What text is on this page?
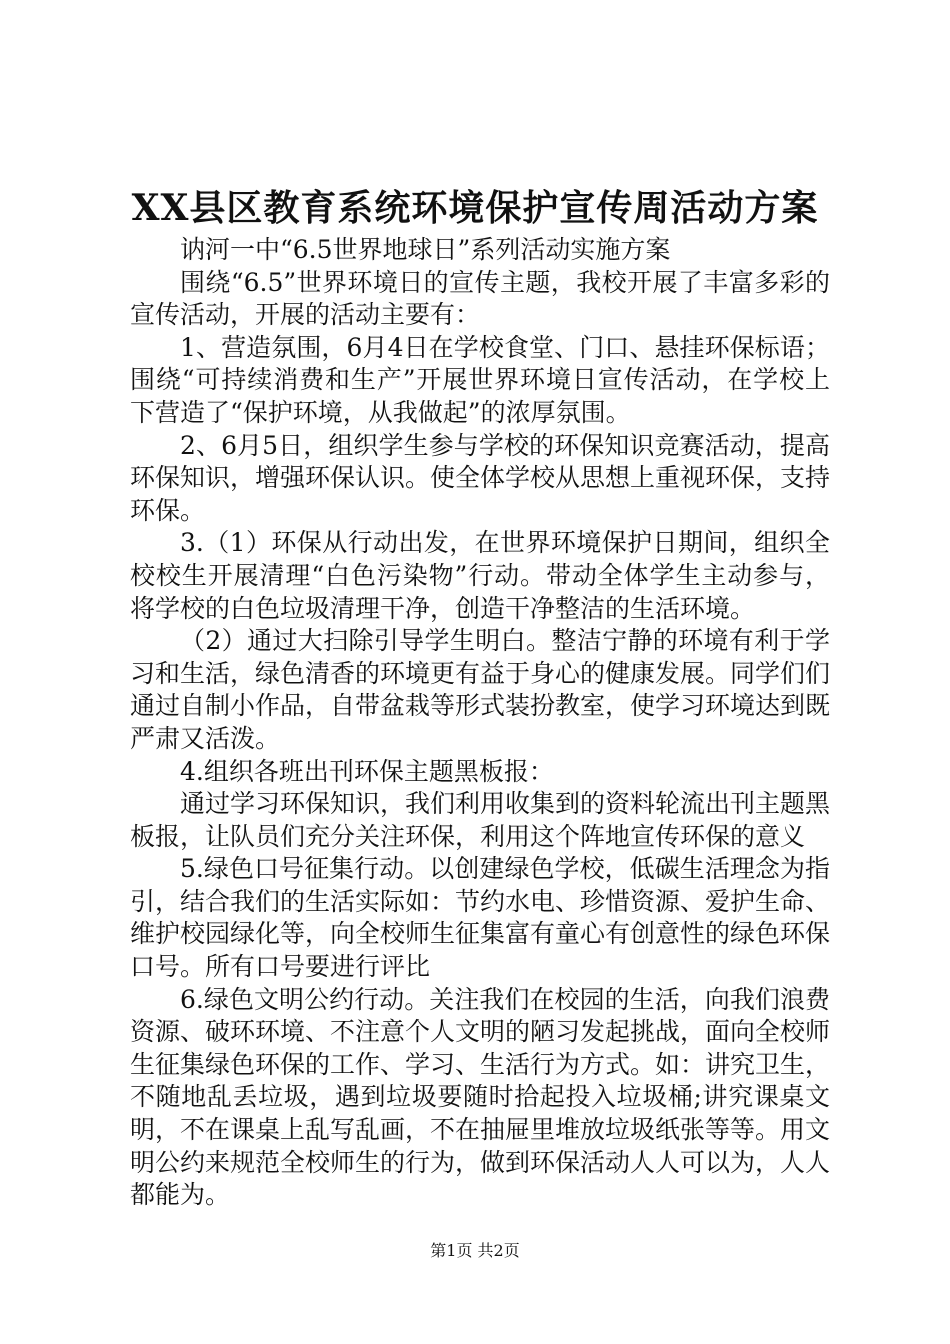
XX县区教育系统环境保护宣传周活动方案

讷河一中“6.5世界地球日”系列活动实施方案

围绕“6.5”世界环境日的宣传主题，我校开展了丰富多彩的宣传活动，开展的活动主要有：

1、营造氛围，6月4日在学校食堂、门口、悬挂环保标语；围绕“可持续消费和生产”开展世界环境日宣传活动，在学校上下营造了“保护环境，从我做起”的浓厚氛围。

2、6月5日，组织学生参与学校的环保知识竞赛活动，提高环保知识，增强环保认识。使全体学校从思想上重视环保，支持环保。

3.（1）环保从行动出发，在世界环境保护日期间，组织全校校生开展清理“白色污染物”行动。带动全体学生主动参与，将学校的白色垃圾清理干净，创造干净整洁的生活环境。

（2）通过大扫除引导学生明白。整洁宁静的环境有利于学习和生活，绿色清香的环境更有益于身心的健康发展。同学们们通过自制小作品，自带盆栽等形式装扮教室，使学习环境达到既严肃又活泼。

4.组织各班出刊环保主题黑板报：

通过学习环保知识，我们利用收集到的资料轮流出刊主题黑板报，让队员们充分关注环保，利用这个阵地宣传环保的意义

5.绿色口号征集行动。以创建绿色学校，低碳生活理念为指引，结合我们的生活实际如：节约水电、珍惜资源、爱护生命、维护校园绿化等，向全校师生征集富有童心有创意性的绿色环保口号。所有口号要进行评比

6.绿色文明公约行动。关注我们在校园的生活，向我们浪费资源、破环环境、不注意个人文明的陋习发起挑战，面向全校师生征集绿色环保的工作、学习、生活行为方式。如：讲究卫生，不随地乱丢垃圾，遇到垃圾要随时拾起投入垃圾桶;讲究课桌文明，不在课桌上乱写乱画，不在抽屉里堆放垃圾纸张等等。用文明公约来规范全校师生的行为，做到环保活动人人可以为，人人都能为。

第1页 共2页
